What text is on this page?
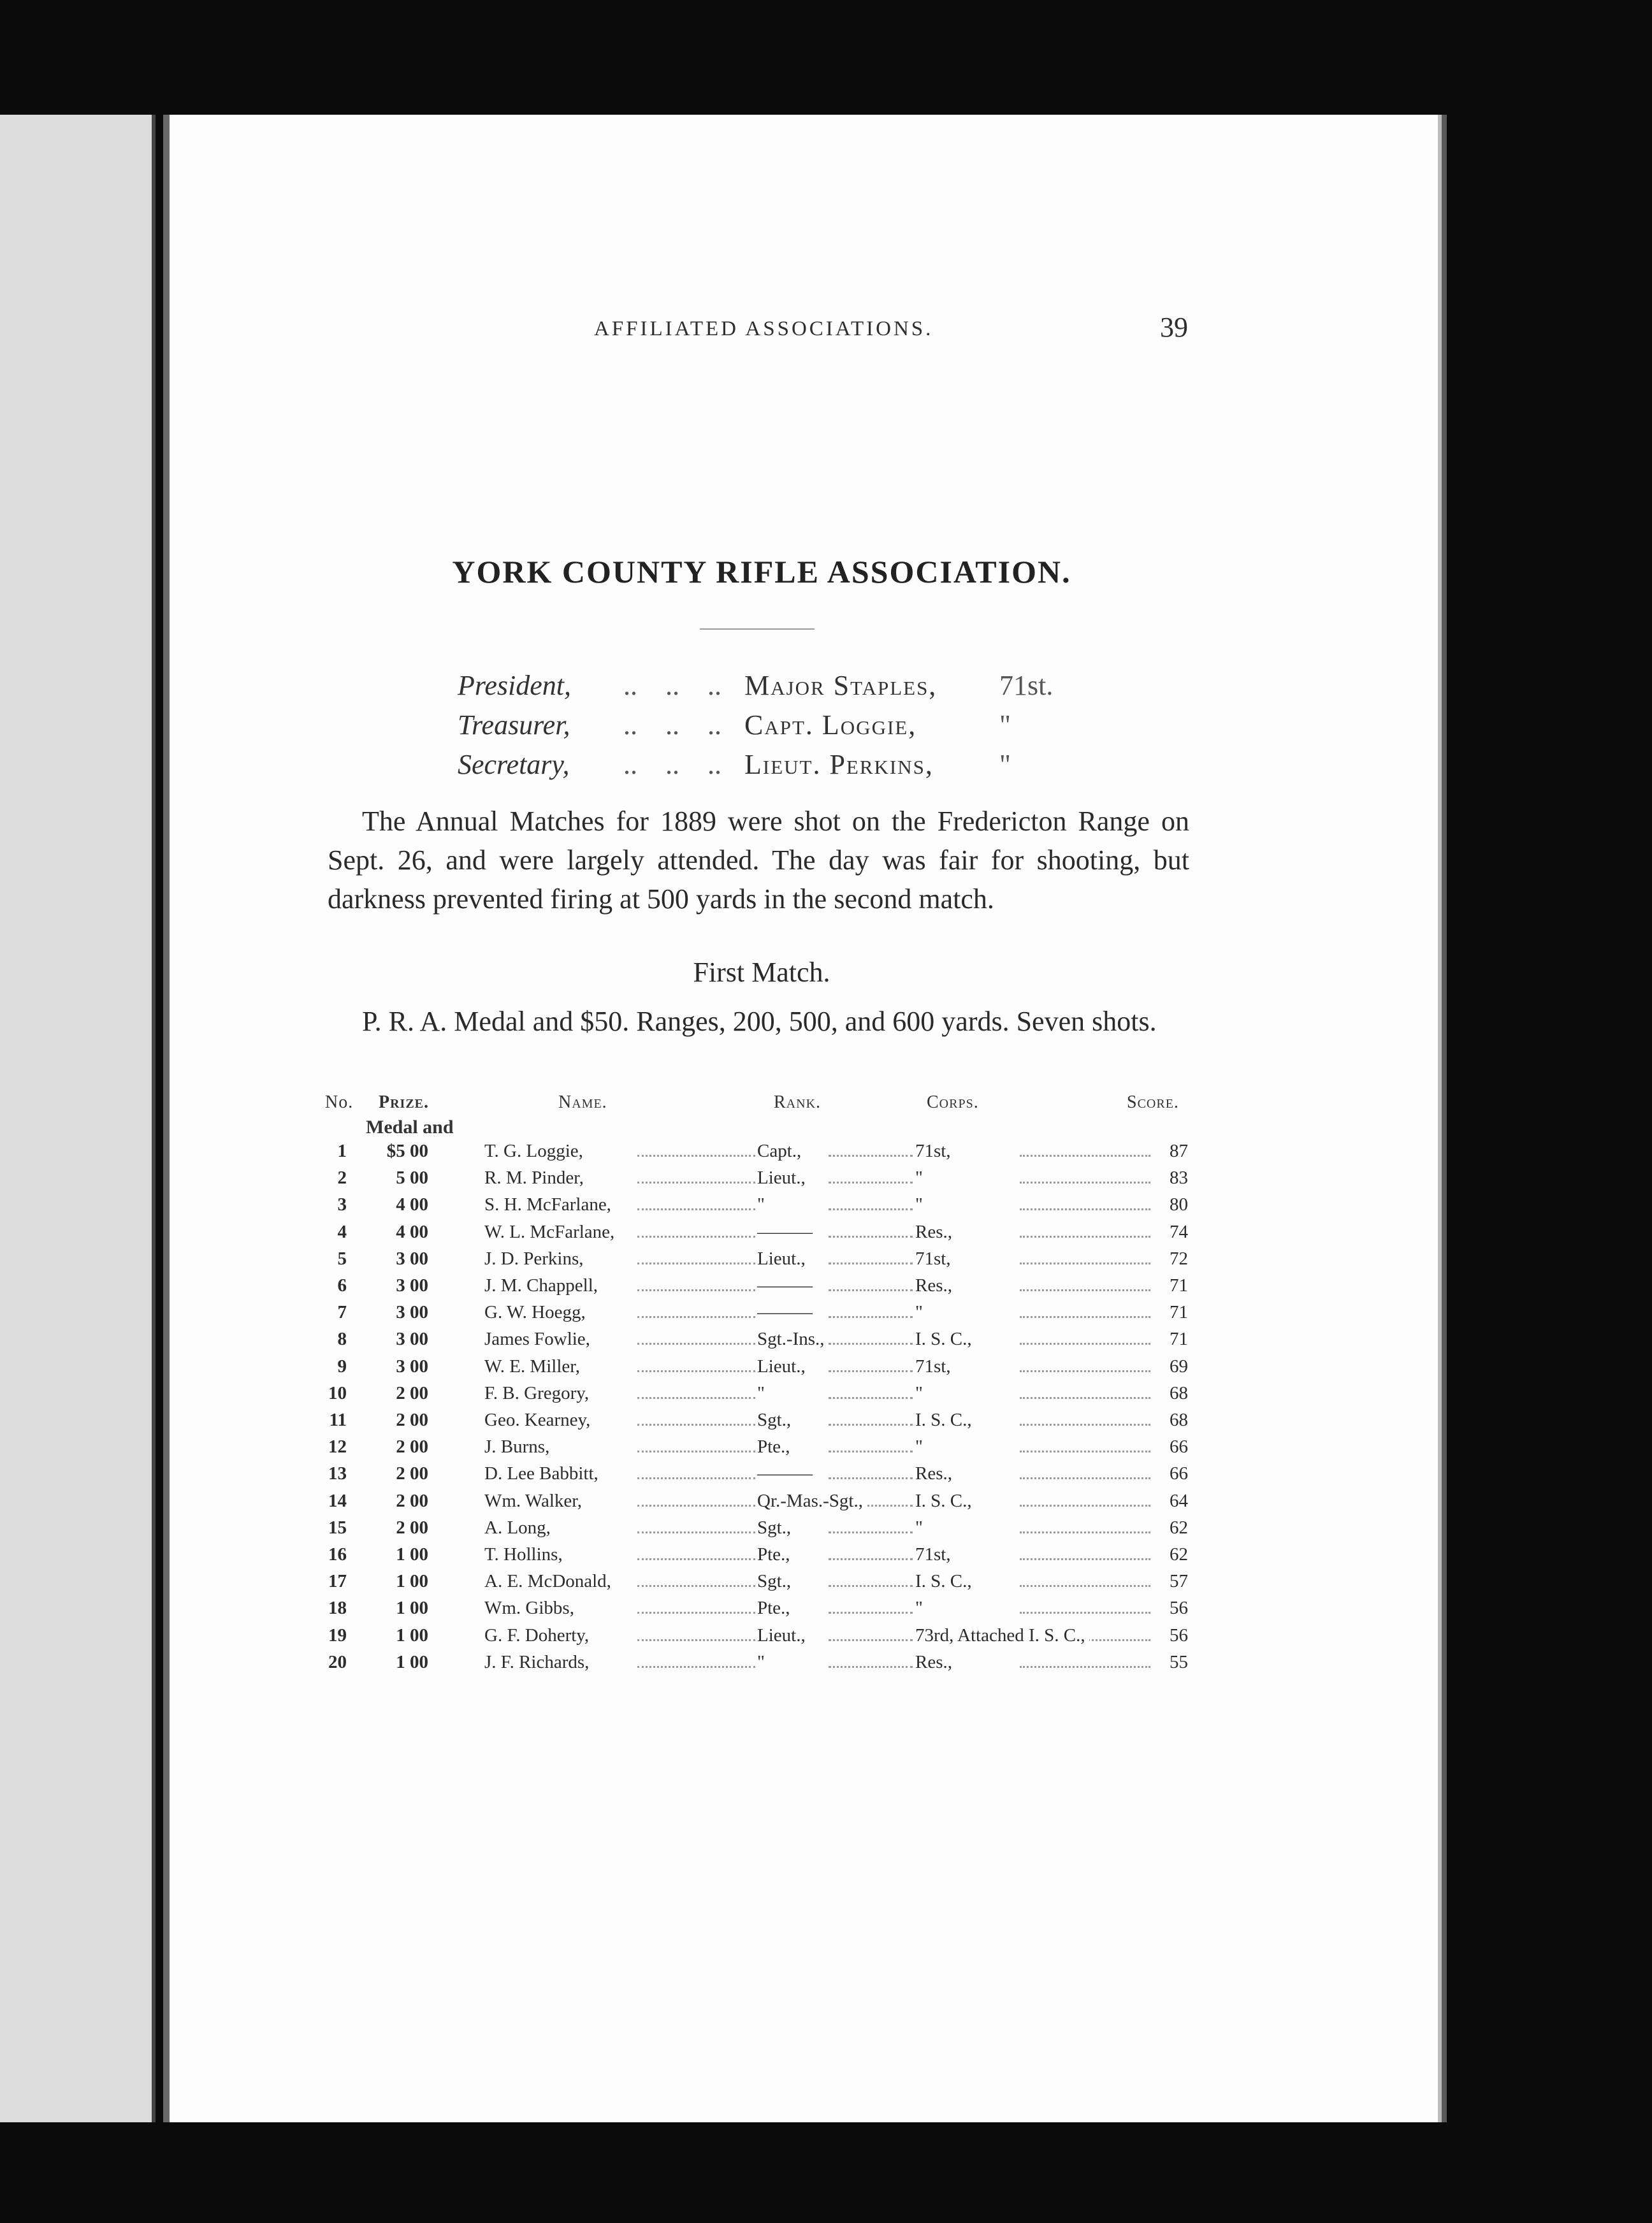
AFFILIATED ASSOCIATIONS.	39
YORK COUNTY RIFLE ASSOCIATION.
President, ..    ..    .. Major Staples, 71st.
Treasurer, ..    ..    .. Capt. Loggie,	"
Secretary, ..    ..    .. Lieut. Perkins, "
The Annual Matches for 1889 were shot on the Fredericton Range on Sept. 26, and were largely attended. The day was fair for shooting, but darkness prevented firing at 500 yards in the second match.
First Match.
P. R. A. Medal and $50. Ranges, 200, 500, and 600 yards. Seven shots.
No. Prize.	Name.	Rank.	Corps.	Score.
Medal and
1	$5 00	T. G. Loggie,	Capt.,	71st,	87
2	5 00	R. M. Pinder,	Lieut.,	"	83
3	4 00	S. H. McFarlane,	"	"	80
4	4 00	W. L. McFarlane,	———	Res.,	74
5	3 00	J. D. Perkins,	Lieut.,	71st,	72
6	3 00	J. M. Chappell,	———	Res.,	71
7	3 00	G. W. Hoegg,	———	"	71
8	3 00	James Fowlie,	Sgt.-Ins.,	I. S. C.,	71
9	3 00	W. E. Miller,	Lieut.,	71st,	69
10	2 00	F. B. Gregory,	"	"	68
11	2 00	Geo. Kearney,	Sgt.,	I. S. C.,	68
12	2 00	J. Burns,	Pte.,	"	66
13	2 00	D. Lee Babbitt,	———	Res.,	66
14	2 00	Wm. Walker,	Qr.-Mas.-Sgt.,	I. S. C.,	64
15	2 00	A. Long,	Sgt.,	"	62
16	1 00	T. Hollins,	Pte.,	71st,	62
17	1 00	A. E. McDonald,	Sgt.,	I. S. C.,	57
18	1 00	Wm. Gibbs,	Pte.,	"	56
19	1 00	G. F. Doherty,	Lieut.,	73rd, Attached I. S. C.,	56
20	1 00	J. F. Richards,	"	Res.,	55
